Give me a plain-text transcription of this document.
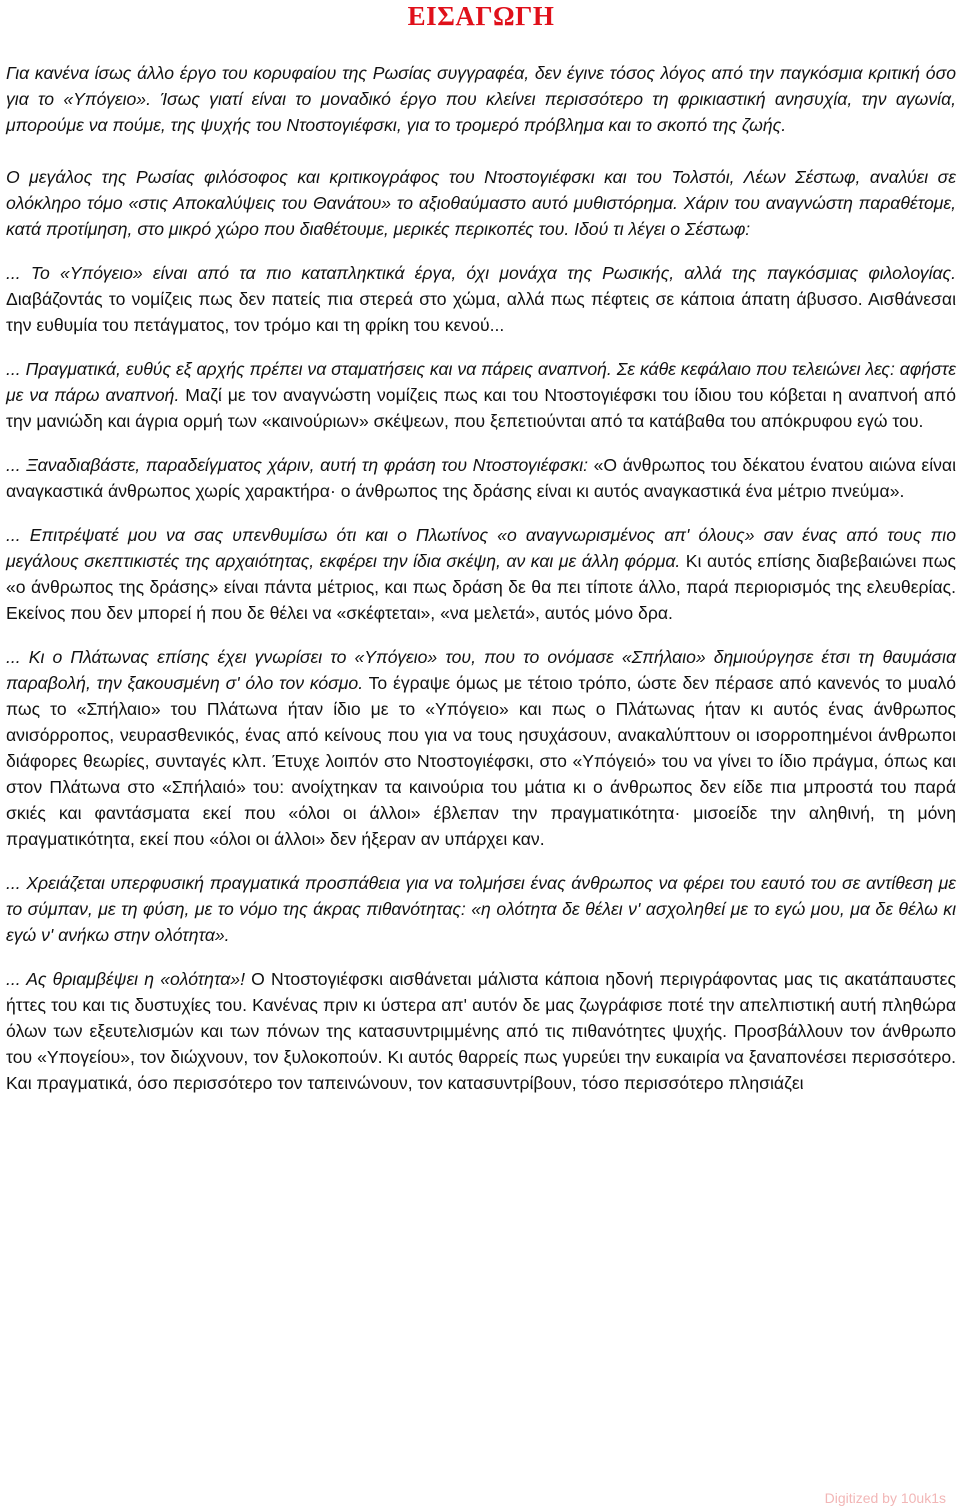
ΕΙΣΑΓΩΓΗ

Για κανένα ίσως άλλο έργο του κορυφαίου της Ρωσίας συγγραφέα, δεν έγινε τόσος λόγος από την παγκόσμια κριτική όσο για το «Υπόγειο». Ίσως γιατί είναι το μοναδικό έργο που κλείνει περισσότερο τη φρικιαστική ανησυχία, την αγωνία, μπορούμε να πούμε, της ψυχής του Ντοστογιέφσκι, για το τρομερό πρόβλημα και το σκοπό της ζωής.

Ο μεγάλος της Ρωσίας φιλόσοφος και κριτικογράφος του Ντοστογιέφσκι και του Τολστόι, Λέων Σέστωφ, αναλύει σε ολόκληρο τόμο «στις Αποκαλύψεις του Θανάτου» το αξιοθαύμαστο αυτό μυθιστόρημα. Χάριν του αναγνώστη παραθέτομε, κατά προτίμηση, στο μικρό χώρο που διαθέτουμε, μερικές περικοπές του. Ιδού τι λέγει ο Σέστωφ:

... Το «Υπόγειο» είναι από τα πιο καταπληκτικά έργα, όχι μονάχα της Ρωσικής, αλλά της παγκόσμιας φιλολογίας. Διαβάζοντάς το νομίζεις πως δεν πατείς πια στερεά στο χώμα, αλλά πως πέφτεις σε κάποια άπατη άβυσσο. Αισθάνεσαι την ευθυμία του πετάγματος, τον τρόμο και τη φρίκη του κενού...

... Πραγματικά, ευθύς εξ αρχής πρέπει να σταματήσεις και να πάρεις αναπνοή. Σε κάθε κεφάλαιο που τελειώνει λες: αφήστε με να πάρω αναπνοή. Μαζί με τον αναγνώστη νομίζεις πως και του Ντοστογιέφσκι του ίδιου του κόβεται η αναπνοή από την μανιώδη και άγρια ορμή των «καινούριων» σκέψεων, που ξεπετιούνται από τα κατάβαθα του απόκρυφου εγώ του.

... Ξαναδιαβάστε, παραδείγματος χάριν, αυτή τη φράση του Ντοστογιέφσκι: «Ο άνθρωπος του δέκατου ένατου αιώνα είναι αναγκαστικά άνθρωπος χωρίς χαρακτήρα· ο άνθρωπος της δράσης είναι κι αυτός αναγκαστικά ένα μέτριο πνεύμα».

... Επιτρέψατέ μου να σας υπενθυμίσω ότι και ο Πλωτίνος «ο αναγνωρισμένος απ' όλους» σαν ένας από τους πιο μεγάλους σκεπτικιστές της αρχαιότητας, εκφέρει την ίδια σκέψη, αν και με άλλη φόρμα. Κι αυτός επίσης διαβεβαιώνει πως «ο άνθρωπος της δράσης» είναι πάντα μέτριος, και πως δράση δε θα πει τίποτε άλλο, παρά περιορισμός της ελευθερίας. Εκείνος που δεν μπορεί ή που δε θέλει να «σκέφτεται», «να μελετά», αυτός μόνο δρα.

... Κι ο Πλάτωνας επίσης έχει γνωρίσει το «Υπόγειο» του, που το ονόμασε «Σπήλαιο» δημιούργησε έτσι τη θαυμάσια παραβολή, την ξακουσμένη σ' όλο τον κόσμο. Το έγραψε όμως με τέτοιο τρόπο, ώστε δεν πέρασε από κανενός το μυαλό πως το «Σπήλαιο» του Πλάτωνα ήταν ίδιο με το «Υπόγειο» και πως ο Πλάτωνας ήταν κι αυτός ένας άνθρωπος ανισόρροπος, νευρασθενικός, ένας από κείνους που για να τους ησυχάσουν, ανακαλύπτουν οι ισορροπημένοι άνθρωποι διάφορες θεωρίες, συνταγές κλπ. Έτυχε λοιπόν στο Ντοστογιέφσκι, στο «Υπόγειό» του να γίνει το ίδιο πράγμα, όπως και στον Πλάτωνα στο «Σπήλαιό» του: ανοίχτηκαν τα καινούρια του μάτια κι ο άνθρωπος δεν είδε πια μπροστά του παρά σκιές και φαντάσματα εκεί που «όλοι οι άλλοι» έβλεπαν την πραγματικότητα· μισοείδε την αληθινή, τη μόνη πραγματικότητα, εκεί που «όλοι οι άλλοι» δεν ήξεραν αν υπάρχει καν.

... Χρειάζεται υπερφυσική πραγματικά προσπάθεια για να τολμήσει ένας άνθρωπος να φέρει του εαυτό του σε αντίθεση με το σύμπαν, με τη φύση, με το νόμο της άκρας πιθανότητας: «η ολότητα δε θέλει ν' ασχοληθεί με το εγώ μου, μα δε θέλω κι εγώ ν' ανήκω στην ολότητα».

... Ας θριαμβέψει η «ολότητα»! Ο Ντοστογιέφσκι αισθάνεται μάλιστα κάποια ηδονή περιγράφοντας μας τις ακατάπαυστες ήττες του και τις δυστυχίες του. Κανένας πριν κι ύστερα απ' αυτόν δε μας ζωγράφισε ποτέ την απελπιστική αυτή πληθώρα όλων των εξευτελισμών και των πόνων της κατασυντριμμένης από τις πιθανότητες ψυχής. Προσβάλλουν τον άνθρωπο του «Υπογείου», τον διώχνουν, τον ξυλοκοπούν. Κι αυτός θαρρείς πως γυρεύει την ευκαιρία να ξαναπονέσει περισσότερο. Και πραγματικά, όσο περισσότερο τον ταπεινώνουν, τον κατασυντρίβουν, τόσο περισσότερο πλησιάζει

Digitized by 10uk1s
